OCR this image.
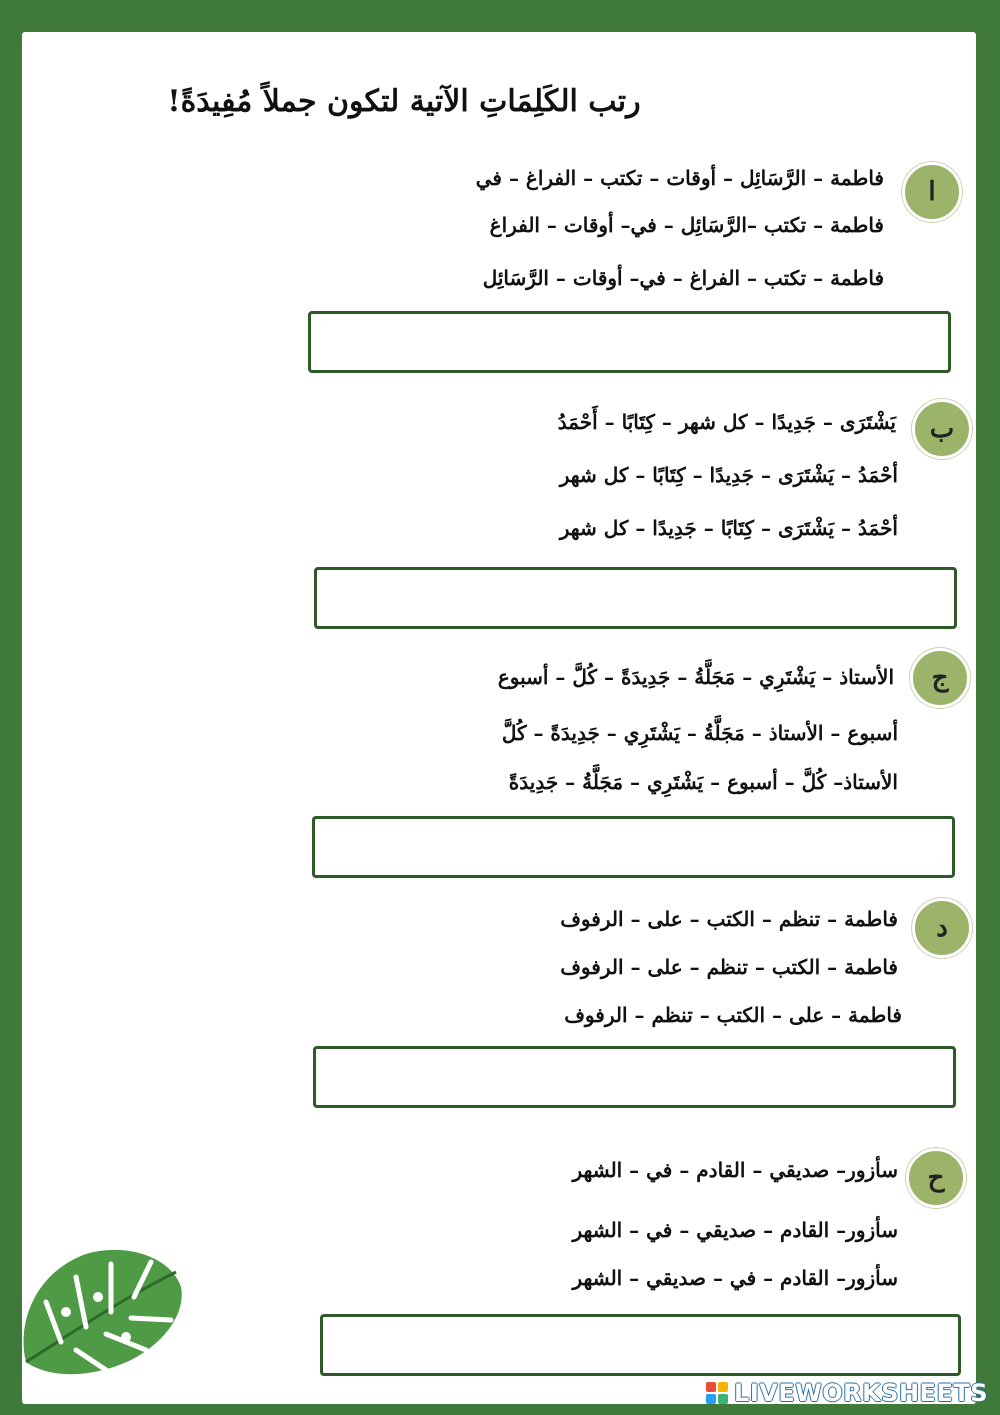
رتب الكَلِمَاتِ الآتية لتكون جملاً مُفِيدَةً!
ا
فاطمة – الرَّسَائِل – أوقات – تكتب – الفراغ – في
فاطمة – تكتب –الرَّسَائِل – في– أوقات – الفراغ
فاطمة – تكتب – الفراغ – في– أوقات – الرَّسَائِل
ب
يَشْتَرَى – جَدِيدًا – كل شهر – كِتَابًا – أَحْمَدُ
أحْمَدُ – يَشْتَرَى – جَدِيدًا – كِتَابًا – كل شهر
أحْمَدُ – يَشْتَرَى – كِتَابًا – جَدِيدًا – كل شهر
ج
الأستاذ – يَشْتَرِي – مَجَلَّةُ – جَدِيدَةً – كُلَّ – أسبوع
أسبوع – الأستاذ – مَجَلَّةُ – يَشْتَرِي – جَدِيدَةً – كُلَّ
الأستاذ– كُلَّ – أسبوع – يَشْتَرِي – مَجَلَّةُ – جَدِيدَةً
د
فاطمة – تنظم – الكتب – على – الرفوف
فاطمة – الكتب – تنظم – على – الرفوف
فاطمة – على – الكتب – تنظم – الرفوف
ح
سأزور– صديقي – القادم – في – الشهر
سأزور– القادم – صديقي – في – الشهر
سأزور– القادم – في – صديقي – الشهر
LIVEWORKSHEETS
